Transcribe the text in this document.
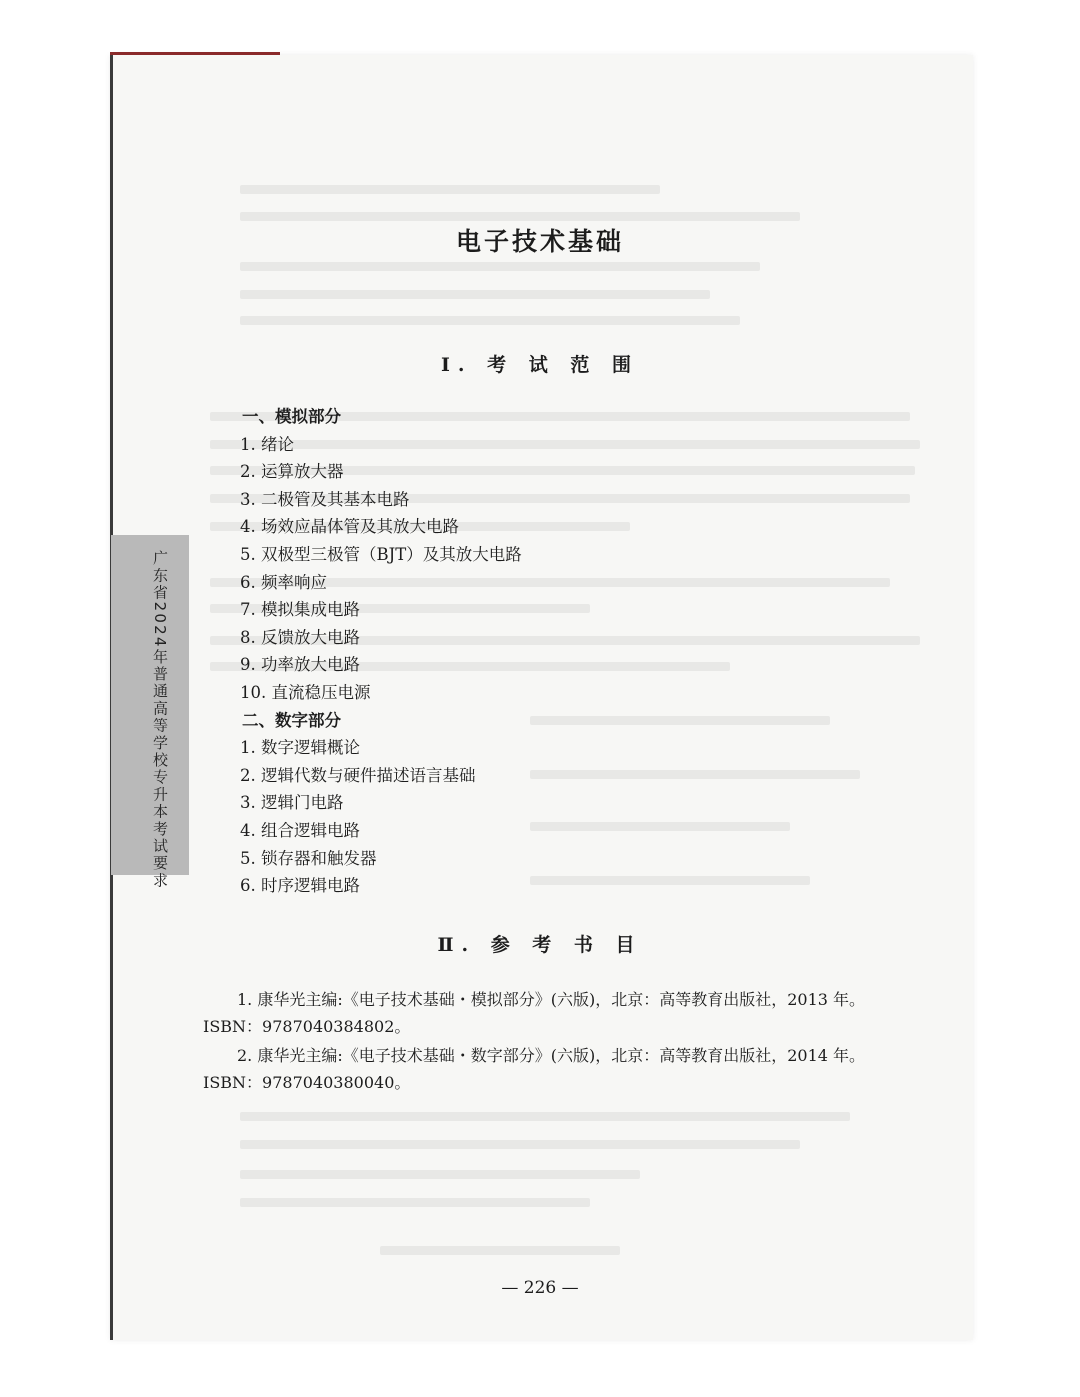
广东省2024年普通高等学校专升本考试要求
电子技术基础
Ⅰ. 考 试 范 围
一、模拟部分
1. 绪论
2. 运算放大器
3. 二极管及其基本电路
4. 场效应晶体管及其放大电路
5. 双极型三极管（BJT）及其放大电路
6. 频率响应
7. 模拟集成电路
8. 反馈放大电路
9. 功率放大电路
10. 直流稳压电源
二、数字部分
1. 数字逻辑概论
2. 逻辑代数与硬件描述语言基础
3. 逻辑门电路
4. 组合逻辑电路
5. 锁存器和触发器
6. 时序逻辑电路
Ⅱ. 参 考 书 目
1. 康华光主编:《电子技术基础・模拟部分》(六版)，北京：高等教育出版社，2013 年。
ISBN：9787040384802。
2. 康华光主编:《电子技术基础・数字部分》(六版)，北京：高等教育出版社，2014 年。
ISBN：9787040380040。
— 226 —
